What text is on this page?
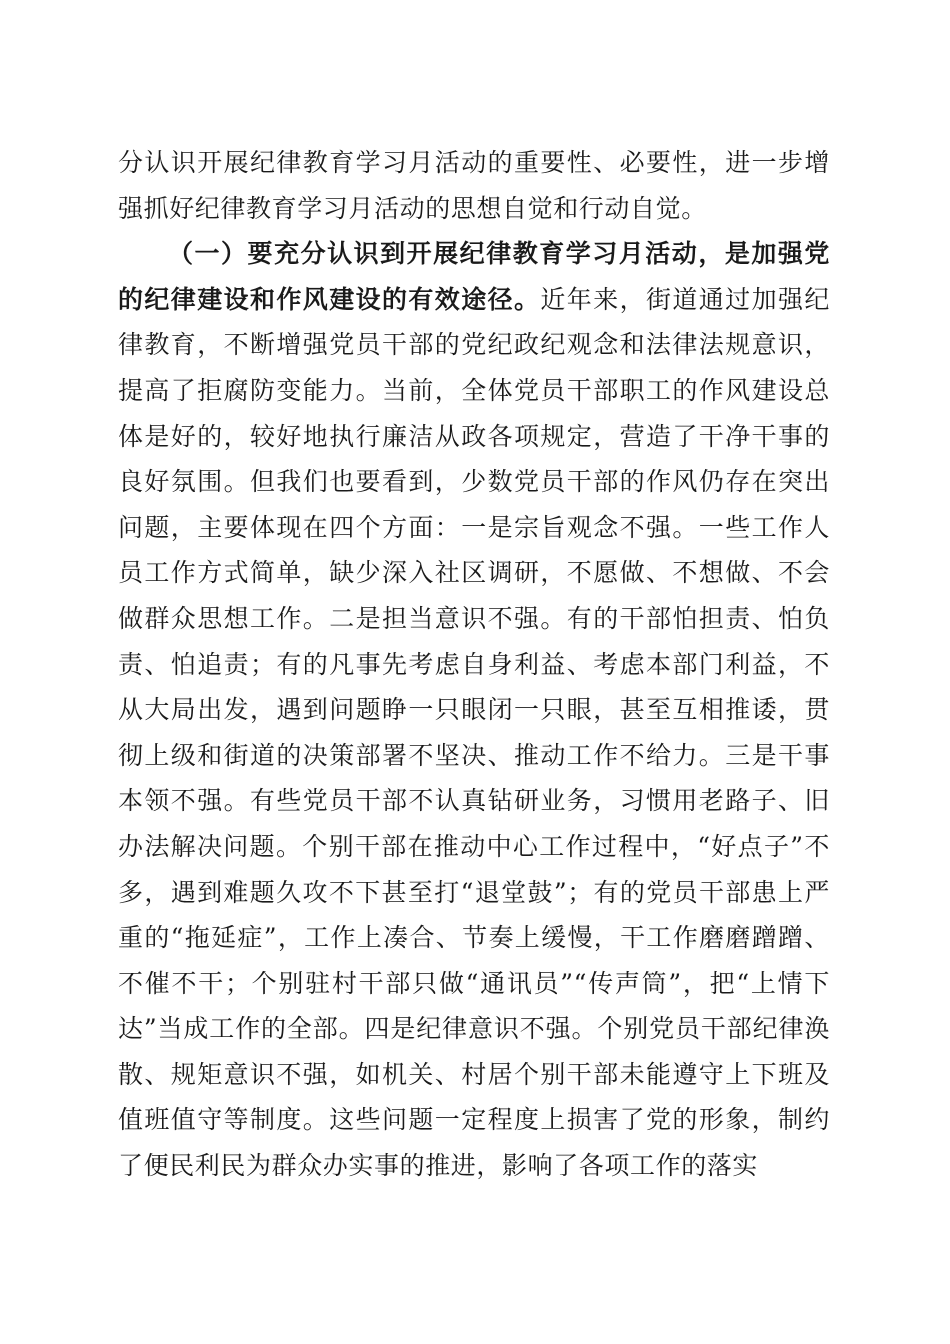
分认识开展纪律教育学习月活动的重要性、必要性，进一步增强抓好纪律教育学习月活动的思想自觉和行动自觉。

（一）要充分认识到开展纪律教育学习月活动，是加强党的纪律建设和作风建设的有效途径。近年来，街道通过加强纪律教育，不断增强党员干部的党纪政纪观念和法律法规意识，提高了拒腐防变能力。当前，全体党员干部职工的作风建设总体是好的，较好地执行廉洁从政各项规定，营造了干净干事的良好氛围。但我们也要看到，少数党员干部的作风仍存在突出问题，主要体现在四个方面：一是宗旨观念不强。一些工作人员工作方式简单，缺少深入社区调研，不愿做、不想做、不会做群众思想工作。二是担当意识不强。有的干部怕担责、怕负责、怕追责；有的凡事先考虑自身利益、考虑本部门利益，不从大局出发，遇到问题睁一只眼闭一只眼，甚至互相推诿，贯彻上级和街道的决策部署不坚决、推动工作不给力。三是干事本领不强。有些党员干部不认真钻研业务，习惯用老路子、旧办法解决问题。个别干部在推动中心工作过程中，“好点子”不多，遇到难题久攻不下甚至打“退堂鼓”；有的党员干部患上严重的“拖延症”，工作上凑合、节奏上缓慢，干工作磨磨蹭蹭、不催不干；个别驻村干部只做“通讯员”“传声筒”，把“上情下达”当成工作的全部。四是纪律意识不强。个别党员干部纪律涣散、规矩意识不强，如机关、村居个别干部未能遵守上下班及值班值守等制度。这些问题一定程度上损害了党的形象，制约了便民利民为群众办实事的推进，影响了各项工作的落实
